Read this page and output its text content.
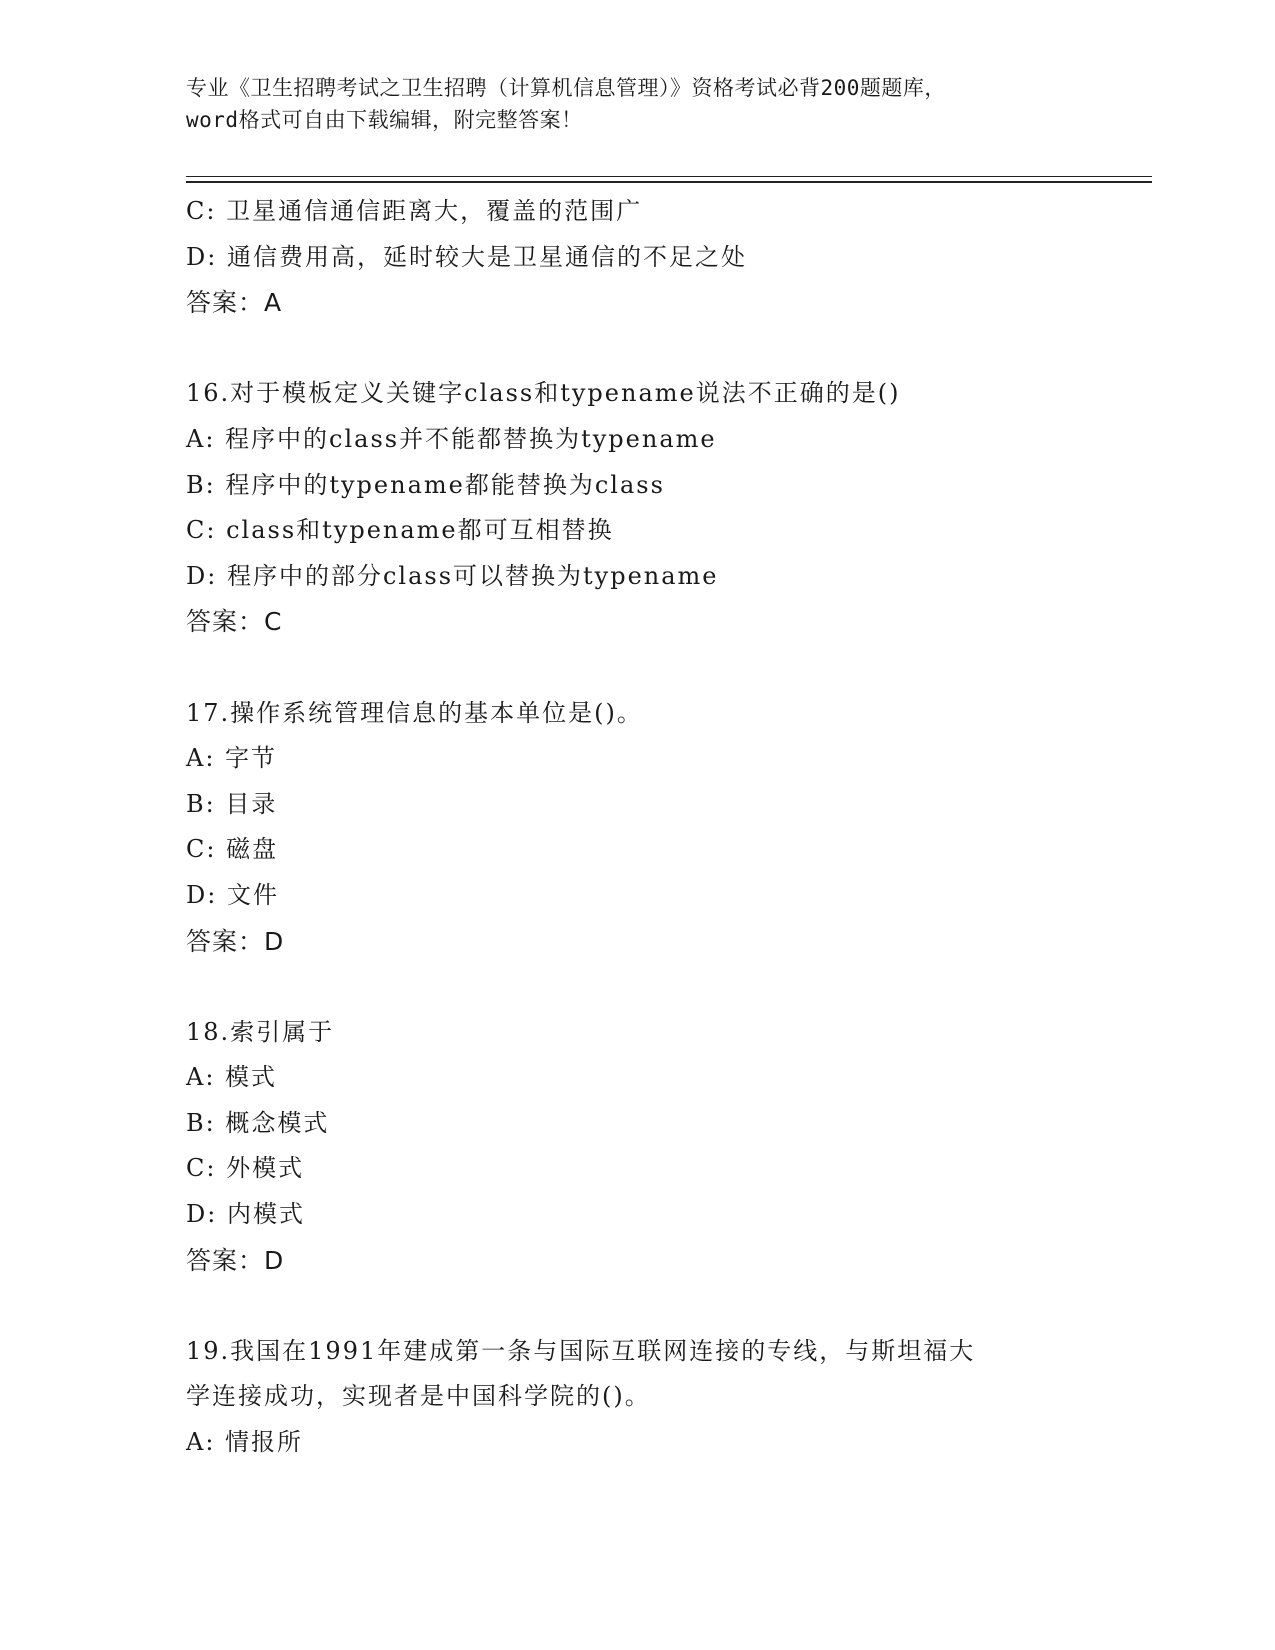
专业《卫生招聘考试之卫生招聘（计算机信息管理）》资格考试必背200题题库，
word格式可自由下载编辑，附完整答案！
C: 卫星通信通信距离大，覆盖的范围广
D: 通信费用高，延时较大是卫星通信的不足之处
答案：A
16.对于模板定义关键字class和typename说法不正确的是()
A: 程序中的class并不能都替换为typename
B: 程序中的typename都能替换为class
C: class和typename都可互相替换
D: 程序中的部分class可以替换为typename
答案：C
17.操作系统管理信息的基本单位是()。
A: 字节
B: 目录
C: 磁盘
D: 文件
答案：D
18.索引属于
A: 模式
B: 概念模式
C: 外模式
D: 内模式
答案：D
19.我国在1991年建成第一条与国际互联网连接的专线，与斯坦福大
学连接成功，实现者是中国科学院的()。
A: 情报所
